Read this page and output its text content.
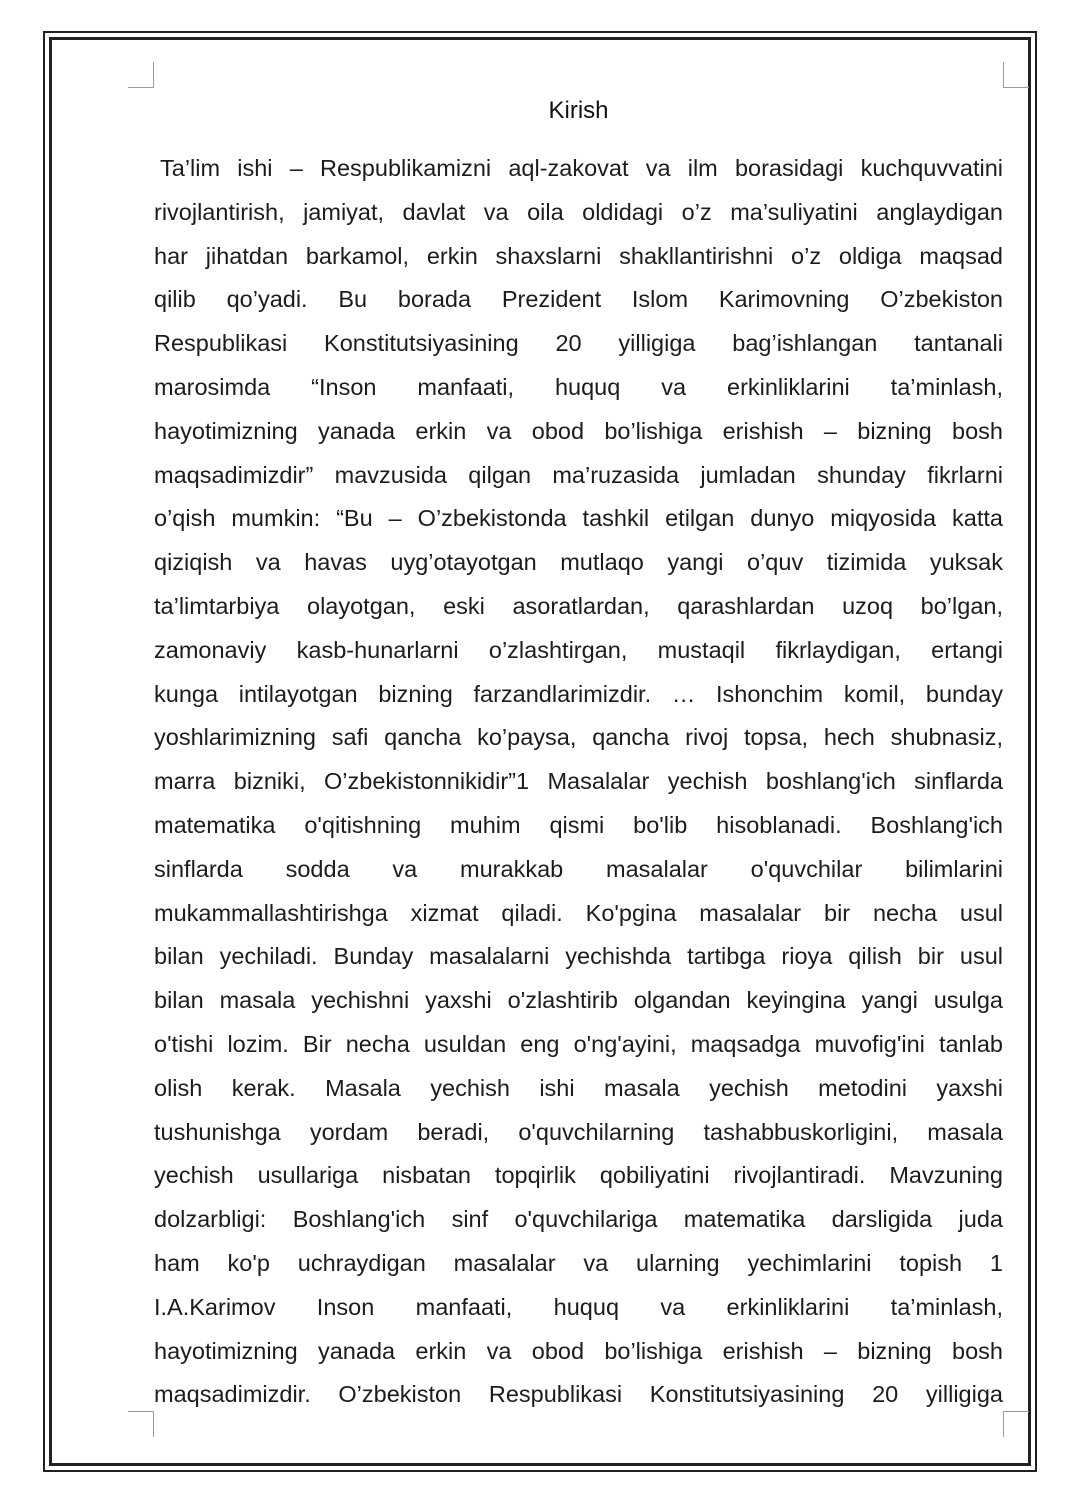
Kirish
Ta’lim ishi – Respublikamizni aql-zakovat va ilm borasidagi kuchquvvatini
rivojlantirish, jamiyat, davlat va oila oldidagi o’z ma’suliyatini anglaydigan
har jihatdan barkamol, erkin shaxslarni shakllantirishni o’z oldiga maqsad
qilib qo’yadi. Bu borada Prezident Islom Karimovning O’zbekiston
Respublikasi Konstitutsiyasining 20 yilligiga bag’ishlangan tantanali
marosimda “Inson manfaati, huquq va erkinliklarini ta’minlash,
hayotimizning yanada erkin va obod bo’lishiga erishish – bizning bosh
maqsadimizdir” mavzusida qilgan ma’ruzasida jumladan shunday fikrlarni
o’qish mumkin: “Bu – O’zbekistonda tashkil etilgan dunyo miqyosida katta
qiziqish va havas uyg’otayotgan mutlaqo yangi o’quv tizimida yuksak
ta’limtarbiya olayotgan, eski asoratlardan, qarashlardan uzoq bo’lgan,
zamonaviy kasb-hunarlarni o’zlashtirgan, mustaqil fikrlaydigan, ertangi
kunga intilayotgan bizning farzandlarimizdir. … Ishonchim komil, bunday
yoshlarimizning safi qancha ko’paysa, qancha rivoj topsa, hech shubnasiz,
marra bizniki, O’zbekistonnikidir”1 Masalalar yechish boshlang'ich sinflarda
matematika o'qitishning muhim qismi bo'lib hisoblanadi. Boshlang'ich
sinflarda sodda va murakkab masalalar o'quvchilar bilimlarini
mukammallashtirishga xizmat qiladi. Ko'pgina masalalar bir necha usul
bilan yechiladi. Bunday masalalarni yechishda tartibga rioya qilish bir usul
bilan masala yechishni yaxshi o'zlashtirib olgandan keyingina yangi usulga
o'tishi lozim. Bir necha usuldan eng o'ng'ayini, maqsadga muvofig'ini tanlab
olish kerak. Masala yechish ishi masala yechish metodini yaxshi
tushunishga yordam beradi, o'quvchilarning tashabbuskorligini, masala
yechish usullariga nisbatan topqirlik qobiliyatini rivojlantiradi. Mavzuning
dolzarbligi: Boshlang'ich sinf o'quvchilariga matematika darsligida juda
ham ko'p uchraydigan masalalar va ularning yechimlarini topish 1
I.A.Karimov Inson manfaati, huquq va erkinliklarini ta’minlash,
hayotimizning yanada erkin va obod bo’lishiga erishish – bizning bosh
maqsadimizdir. O’zbekiston Respublikasi Konstitutsiyasining 20 yilligiga
